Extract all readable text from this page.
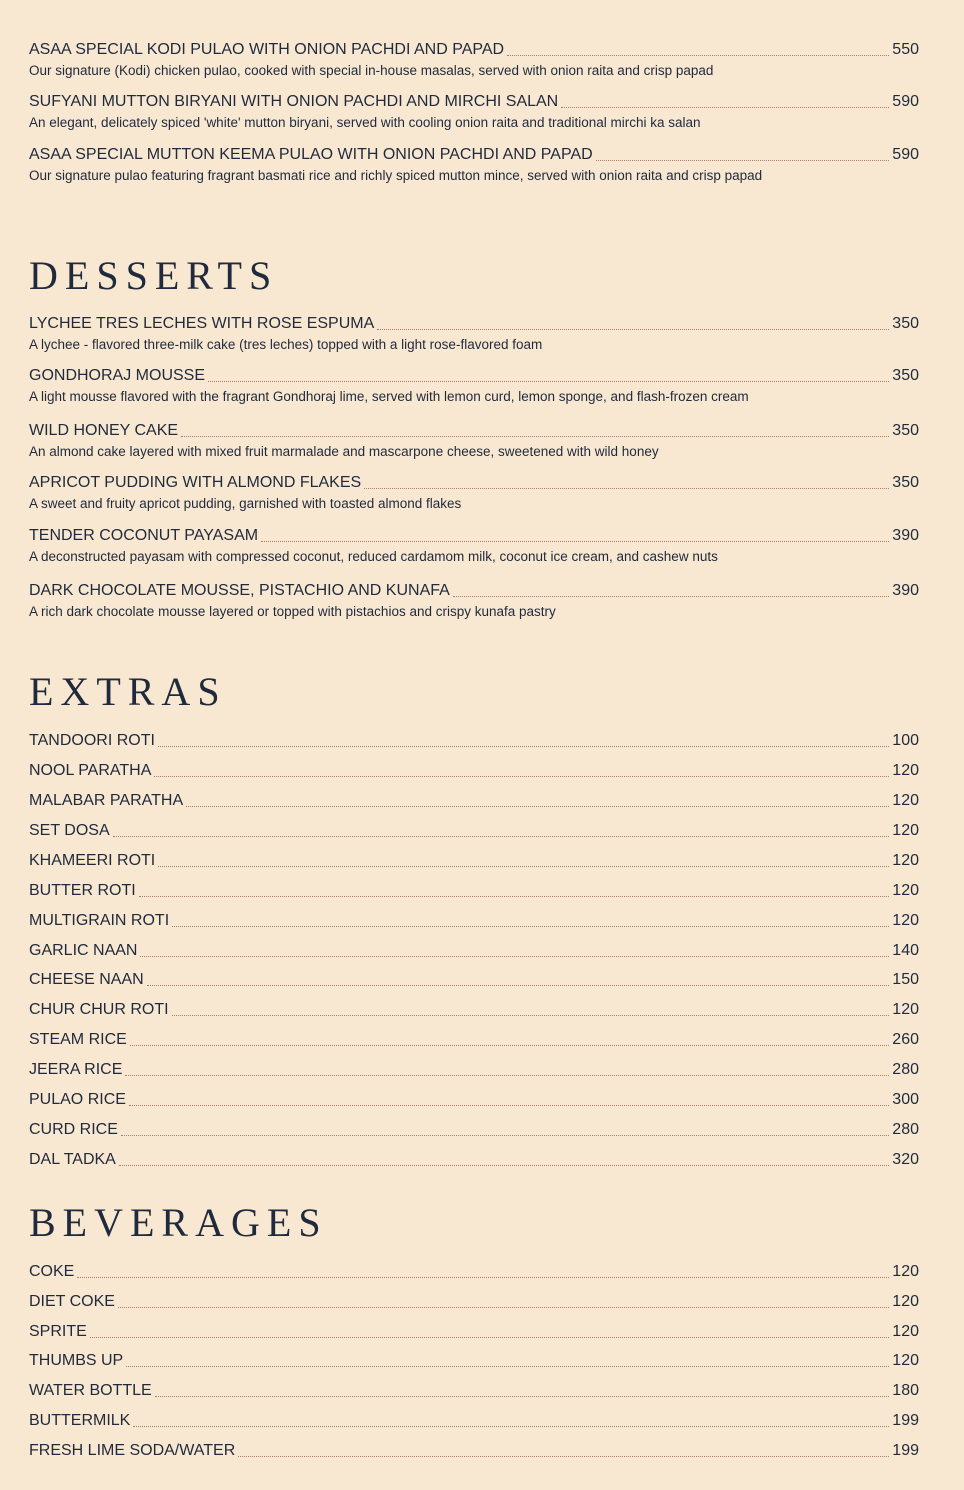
DESSERTS
EXTRAS
BEVERAGES
ASAA SPECIAL KODI PULAO WITH ONION PACHDI AND PAPAD	550
Our signature (Kodi) chicken pulao, cooked with special in-house masalas, served with onion raita and crisp papad
SUFYANI MUTTON BIRYANI WITH ONION PACHDI AND MIRCHI SALAN	590
An elegant, delicately spiced 'white' mutton biryani, served with cooling onion raita and traditional mirchi ka salan
ASAA SPECIAL MUTTON KEEMA PULAO WITH ONION PACHDI AND PAPAD	590
Our signature pulao featuring fragrant basmati rice and richly spiced mutton mince, served with onion raita and crisp papad
LYCHEE TRES LECHES WITH ROSE ESPUMA	350
A lychee - flavored three-milk cake (tres leches) topped with a light rose-flavored foam
GONDHORAJ MOUSSE	350
A light mousse flavored with the fragrant Gondhoraj lime, served with lemon curd, lemon sponge, and flash-frozen cream
WILD HONEY CAKE	350
An almond cake layered with mixed fruit marmalade and mascarpone cheese, sweetened with wild honey
APRICOT PUDDING WITH ALMOND FLAKES	350
A sweet and fruity apricot pudding, garnished with toasted almond flakes
TENDER COCONUT PAYASAM	390
A deconstructed payasam with compressed coconut, reduced cardamom milk, coconut ice cream, and cashew nuts
DARK CHOCOLATE MOUSSE, PISTACHIO AND KUNAFA	390
A rich dark chocolate mousse layered or topped with pistachios and crispy kunafa pastry
TANDOORI ROTI	100
NOOL PARATHA	120
MALABAR PARATHA	120
SET DOSA	120
KHAMEERI ROTI	120
BUTTER ROTI	120
MULTIGRAIN ROTI	120
GARLIC NAAN	140
CHEESE NAAN	150
CHUR CHUR ROTI	120
STEAM RICE	260
JEERA RICE	280
PULAO RICE	300
CURD RICE	280
DAL TADKA	320
COKE	120
DIET COKE	120
SPRITE	120
THUMBS UP	120
WATER BOTTLE	180
BUTTERMILK	199
FRESH LIME SODA/WATER	199
